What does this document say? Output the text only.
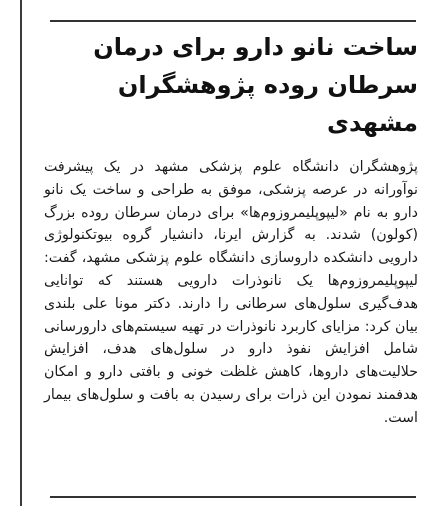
ساخت نانو دارو برای درمان سرطان روده پژوهشگران مشهدی

پژوهشگران دانشگاه علوم پزشکی مشهد در یک پیشرفت نوآورانه در عرصه پزشکی، موفق به طراحی و ساخت یک نانو دارو به نام «لیپوپلیمروزوم‌ها» برای درمان سرطان روده بزرگ (کولون) شدند. به گزارش ایرنا، دانشیار گروه بیوتکنولوژی دارویی دانشکده داروسازی دانشگاه علوم پزشکی مشهد، گفت: لیپوپلیمروزوم‌ها یک نانوذرات دارویی هستند که توانایی هدف‌گیری سلول‌های سرطانی را دارند. دکتر مونا علی بلندی بیان کرد: مزایای کاربرد نانوذرات در تهیه سیستم‌های دارورسانی شامل افزایش نفوذ دارو در سلول‌های هدف، افزایش حلالیت‌های داروها، کاهش غلظت خونی و بافتی دارو و امکان هدفمند نمودن این ذرات برای رسیدن به بافت و سلول‌های بیمار است.
